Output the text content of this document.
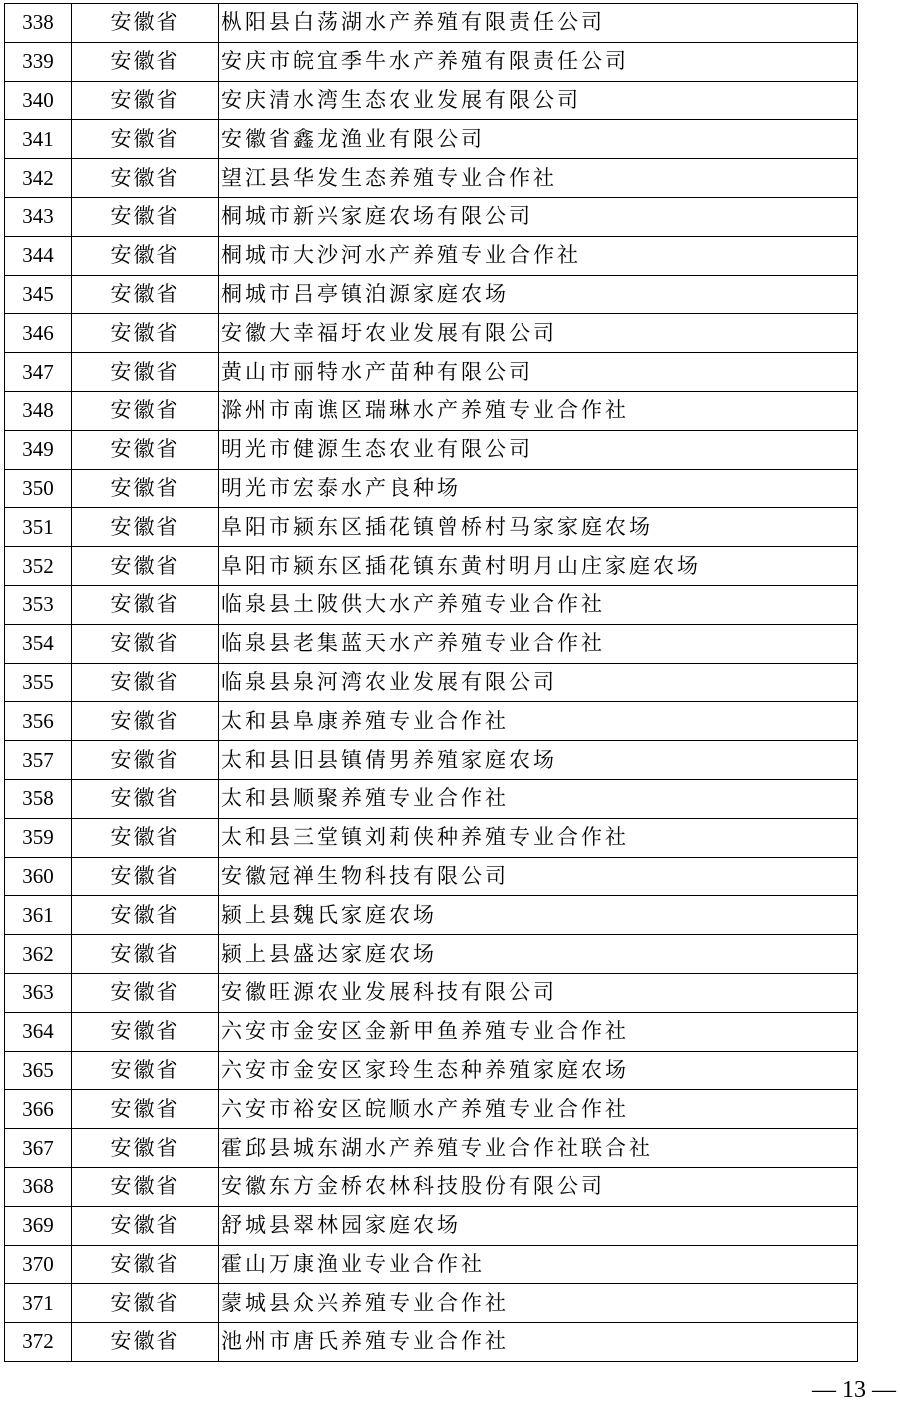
338	安徽省	枞阳县白荡湖水产养殖有限责任公司
339	安徽省	安庆市皖宜季牛水产养殖有限责任公司
340	安徽省	安庆清水湾生态农业发展有限公司
341	安徽省	安徽省鑫龙渔业有限公司
342	安徽省	望江县华发生态养殖专业合作社
343	安徽省	桐城市新兴家庭农场有限公司
344	安徽省	桐城市大沙河水产养殖专业合作社
345	安徽省	桐城市吕亭镇泊源家庭农场
346	安徽省	安徽大幸福圩农业发展有限公司
347	安徽省	黄山市丽特水产苗种有限公司
348	安徽省	滁州市南谯区瑞琳水产养殖专业合作社
349	安徽省	明光市健源生态农业有限公司
350	安徽省	明光市宏泰水产良种场
351	安徽省	阜阳市颍东区插花镇曾桥村马家家庭农场
352	安徽省	阜阳市颍东区插花镇东黄村明月山庄家庭农场
353	安徽省	临泉县土陂供大水产养殖专业合作社
354	安徽省	临泉县老集蓝天水产养殖专业合作社
355	安徽省	临泉县泉河湾农业发展有限公司
356	安徽省	太和县阜康养殖专业合作社
357	安徽省	太和县旧县镇倩男养殖家庭农场
358	安徽省	太和县顺聚养殖专业合作社
359	安徽省	太和县三堂镇刘莉侠种养殖专业合作社
360	安徽省	安徽冠禅生物科技有限公司
361	安徽省	颍上县魏氏家庭农场
362	安徽省	颍上县盛达家庭农场
363	安徽省	安徽旺源农业发展科技有限公司
364	安徽省	六安市金安区金新甲鱼养殖专业合作社
365	安徽省	六安市金安区家玲生态种养殖家庭农场
366	安徽省	六安市裕安区皖顺水产养殖专业合作社
367	安徽省	霍邱县城东湖水产养殖专业合作社联合社
368	安徽省	安徽东方金桥农林科技股份有限公司
369	安徽省	舒城县翠林园家庭农场
370	安徽省	霍山万康渔业专业合作社
371	安徽省	蒙城县众兴养殖专业合作社
372	安徽省	池州市唐氏养殖专业合作社
— 13 —
